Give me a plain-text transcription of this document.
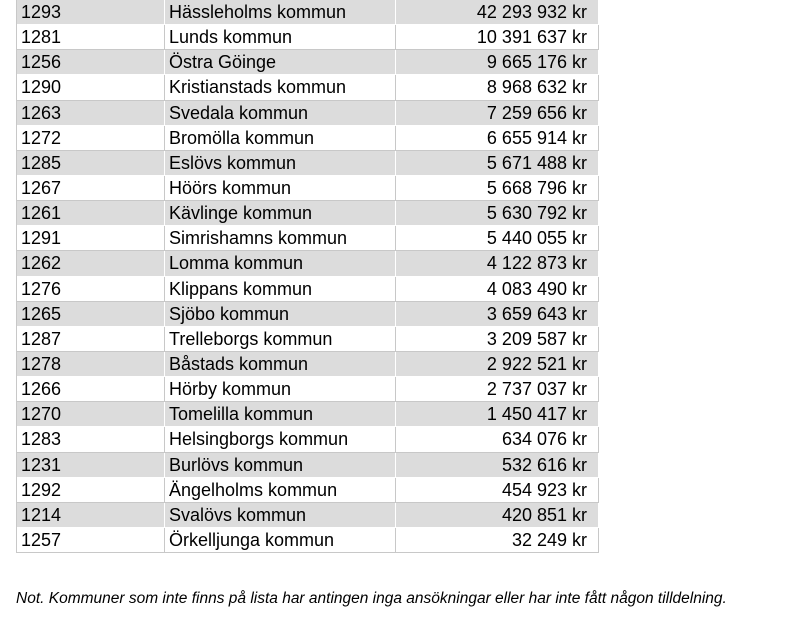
1293	Hässleholms kommun	42 293 932 kr
1281	Lunds kommun	10 391 637 kr
1256	Östra Göinge	9 665 176 kr
1290	Kristianstads kommun	8 968 632 kr
1263	Svedala kommun	7 259 656 kr
1272	Bromölla kommun	6 655 914 kr
1285	Eslövs kommun	5 671 488 kr
1267	Höörs kommun	5 668 796 kr
1261	Kävlinge kommun	5 630 792 kr
1291	Simrishamns kommun	5 440 055 kr
1262	Lomma kommun	4 122 873 kr
1276	Klippans kommun	4 083 490 kr
1265	Sjöbo kommun	3 659 643 kr
1287	Trelleborgs kommun	3 209 587 kr
1278	Båstads kommun	2 922 521 kr
1266	Hörby kommun	2 737 037 kr
1270	Tomelilla kommun	1 450 417 kr
1283	Helsingborgs kommun	634 076 kr
1231	Burlövs kommun	532 616 kr
1292	Ängelholms kommun	454 923 kr
1214	Svalövs kommun	420 851 kr
1257	Örkelljunga kommun	32 249 kr
Not. Kommuner som inte finns på lista har antingen inga ansökningar eller har inte fått någon tilldelning.
